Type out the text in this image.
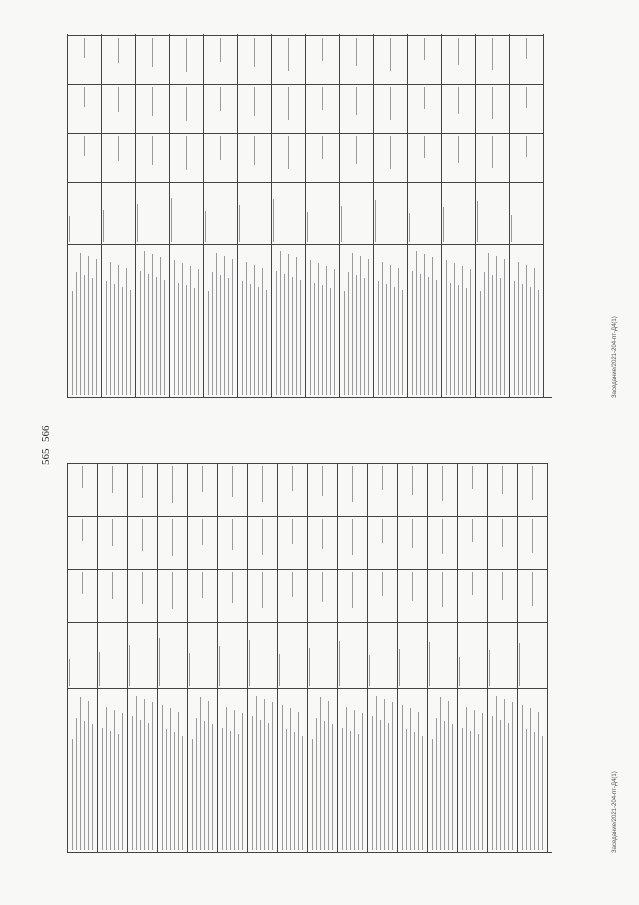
565
Заседание/2021-204-пт-Д4(1)
566
Заседание/2021-204-пт-Д4(1)
